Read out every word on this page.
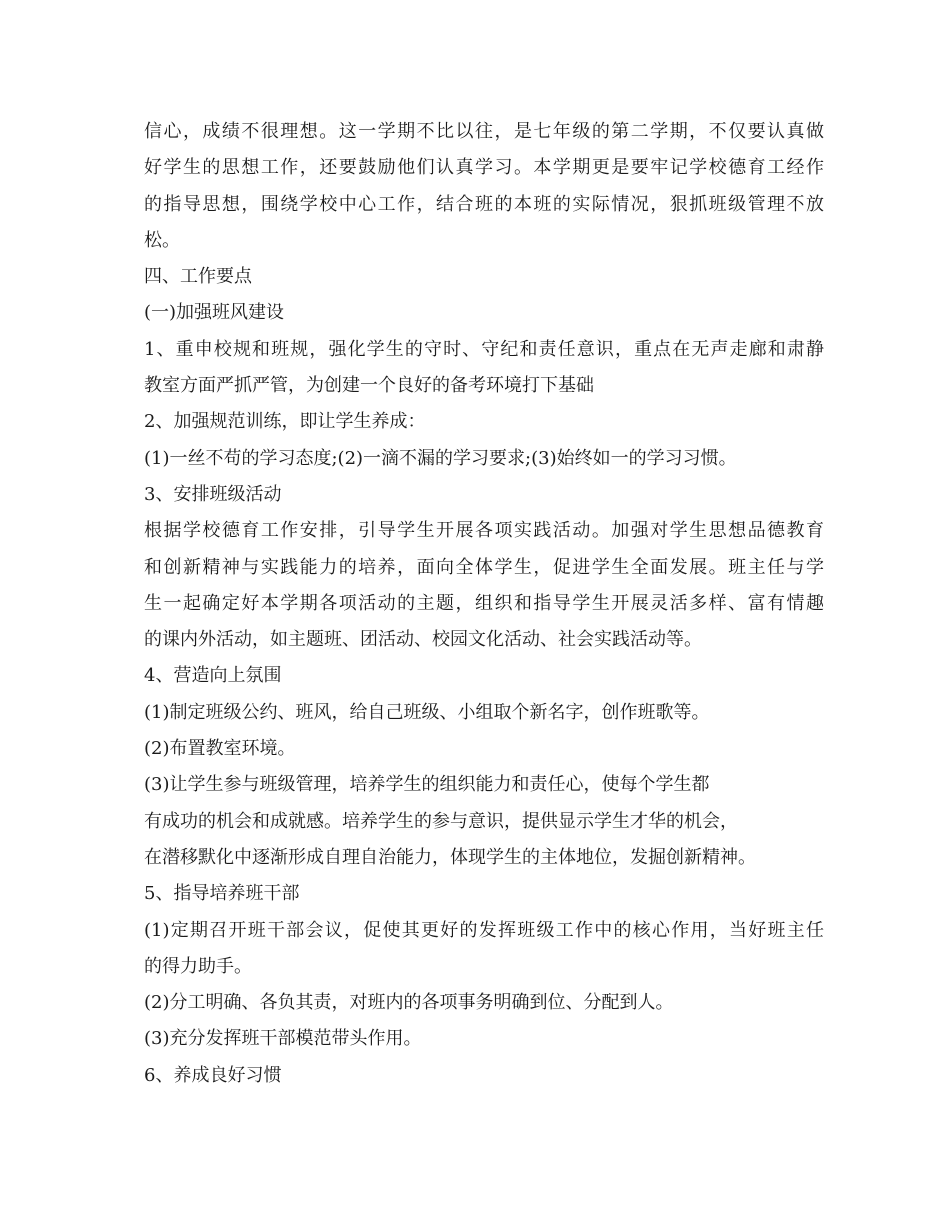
信心，成绩不很理想。这一学期不比以往，是七年级的第二学期，不仅要认真做
好学生的思想工作，还要鼓励他们认真学习。本学期更是要牢记学校德育工经作
的指导思想，围绕学校中心工作，结合班的本班的实际情况，狠抓班级管理不放
松。
四、工作要点
(一)加强班风建设
1、重申校规和班规，强化学生的守时、守纪和责任意识，重点在无声走廊和肃静
教室方面严抓严管，为创建一个良好的备考环境打下基础
2、加强规范训练，即让学生养成：
(1)一丝不苟的学习态度;(2)一滴不漏的学习要求;(3)始终如一的学习习惯。
3、安排班级活动
根据学校德育工作安排，引导学生开展各项实践活动。加强对学生思想品德教育
和创新精神与实践能力的培养，面向全体学生，促进学生全面发展。班主任与学
生一起确定好本学期各项活动的主题，组织和指导学生开展灵活多样、富有情趣
的课内外活动，如主题班、团活动、校园文化活动、社会实践活动等。
4、营造向上氛围
(1)制定班级公约、班风，给自己班级、小组取个新名字，创作班歌等。
(2)布置教室环境。
(3)让学生参与班级管理，培养学生的组织能力和责任心，使每个学生都
有成功的机会和成就感。培养学生的参与意识，提供显示学生才华的机会，
在潜移默化中逐渐形成自理自治能力，体现学生的主体地位，发掘创新精神。
5、指导培养班干部
(1)定期召开班干部会议，促使其更好的发挥班级工作中的核心作用，当好班主任
的得力助手。
(2)分工明确、各负其责，对班内的各项事务明确到位、分配到人。
(3)充分发挥班干部模范带头作用。
6、养成良好习惯
